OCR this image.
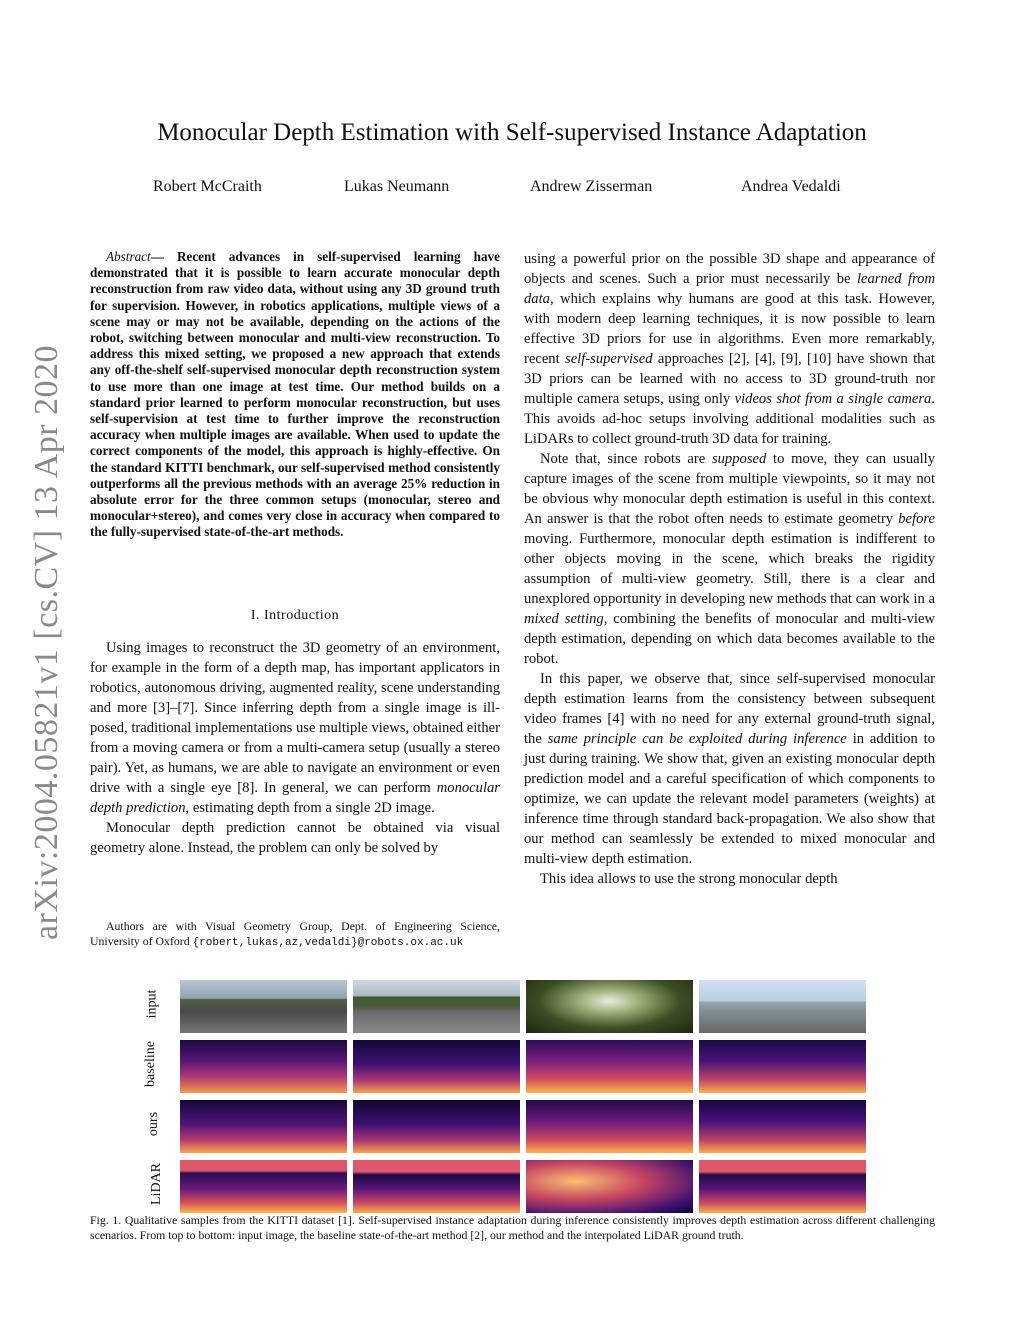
arXiv:2004.05821v1 [cs.CV] 13 Apr 2020
Monocular Depth Estimation with Self-supervised Instance Adaptation
Robert McCraith	Lukas Neumann	Andrew Zisserman	Andrea Vedaldi

Abstract— Recent advances in self-supervised learning have demonstrated that it is possible to learn accurate monocular depth reconstruction from raw video data, without using any 3D ground truth for supervision. However, in robotics applications, multiple views of a scene may or may not be available, depending on the actions of the robot, switching between monocular and multi-view reconstruction. To address this mixed setting, we proposed a new approach that extends any off-the-shelf self-supervised monocular depth reconstruction system to use more than one image at test time. Our method builds on a standard prior learned to perform monocular reconstruction, but uses self-supervision at test time to further improve the reconstruction accuracy when multiple images are available. When used to update the correct components of the model, this approach is highly-effective. On the standard KITTI benchmark, our self-supervised method consistently outperforms all the previous methods with an average 25% reduction in absolute error for the three common setups (monocular, stereo and monocular+stereo), and comes very close in accuracy when compared to the fully-supervised state-of-the-art methods.

I. Introduction

Using images to reconstruct the 3D geometry of an environment, for example in the form of a depth map, has important applicators in robotics, autonomous driving, augmented reality, scene understanding and more [3]–[7]. Since inferring depth from a single image is ill-posed, traditional implementations use multiple views, obtained either from a moving camera or from a multi-camera setup (usually a stereo pair). Yet, as humans, we are able to navigate an environment or even drive with a single eye [8]. In general, we can perform monocular depth prediction, estimating depth from a single 2D image.

Monocular depth prediction cannot be obtained via visual geometry alone. Instead, the problem can only be solved by

Authors are with Visual Geometry Group, Dept. of Engineering Science, University of Oxford {robert,lukas,az,vedaldi}@robots.ox.ac.uk

using a powerful prior on the possible 3D shape and appearance of objects and scenes. Such a prior must necessarily be learned from data, which explains why humans are good at this task. However, with modern deep learning techniques, it is now possible to learn effective 3D priors for use in algorithms. Even more remarkably, recent self-supervised approaches [2], [4], [9], [10] have shown that 3D priors can be learned with no access to 3D ground-truth nor multiple camera setups, using only videos shot from a single camera. This avoids ad-hoc setups involving additional modalities such as LiDARs to collect ground-truth 3D data for training.

Note that, since robots are supposed to move, they can usually capture images of the scene from multiple viewpoints, so it may not be obvious why monocular depth estimation is useful in this context. An answer is that the robot often needs to estimate geometry before moving. Furthermore, monocular depth estimation is indifferent to other objects moving in the scene, which breaks the rigidity assumption of multi-view geometry. Still, there is a clear and unexplored opportunity in developing new methods that can work in a mixed setting, combining the benefits of monocular and multi-view depth estimation, depending on which data becomes available to the robot.

In this paper, we observe that, since self-supervised monocular depth estimation learns from the consistency between subsequent video frames [4] with no need for any external ground-truth signal, the same principle can be exploited during inference in addition to just during training. We show that, given an existing monocular depth prediction model and a careful specification of which components to optimize, we can update the relevant model parameters (weights) at inference time through standard back-propagation. We also show that our method can seamlessly be extended to mixed monocular and multi-view depth estimation.

This idea allows to use the strong monocular depth

input
baseline
ours
LiDAR
Fig. 1. Qualitative samples from the KITTI dataset [1]. Self-supervised instance adaptation during inference consistently improves depth estimation across different challenging scenarios. From top to bottom: input image, the baseline state-of-the-art method [2], our method and the interpolated LiDAR ground truth.
